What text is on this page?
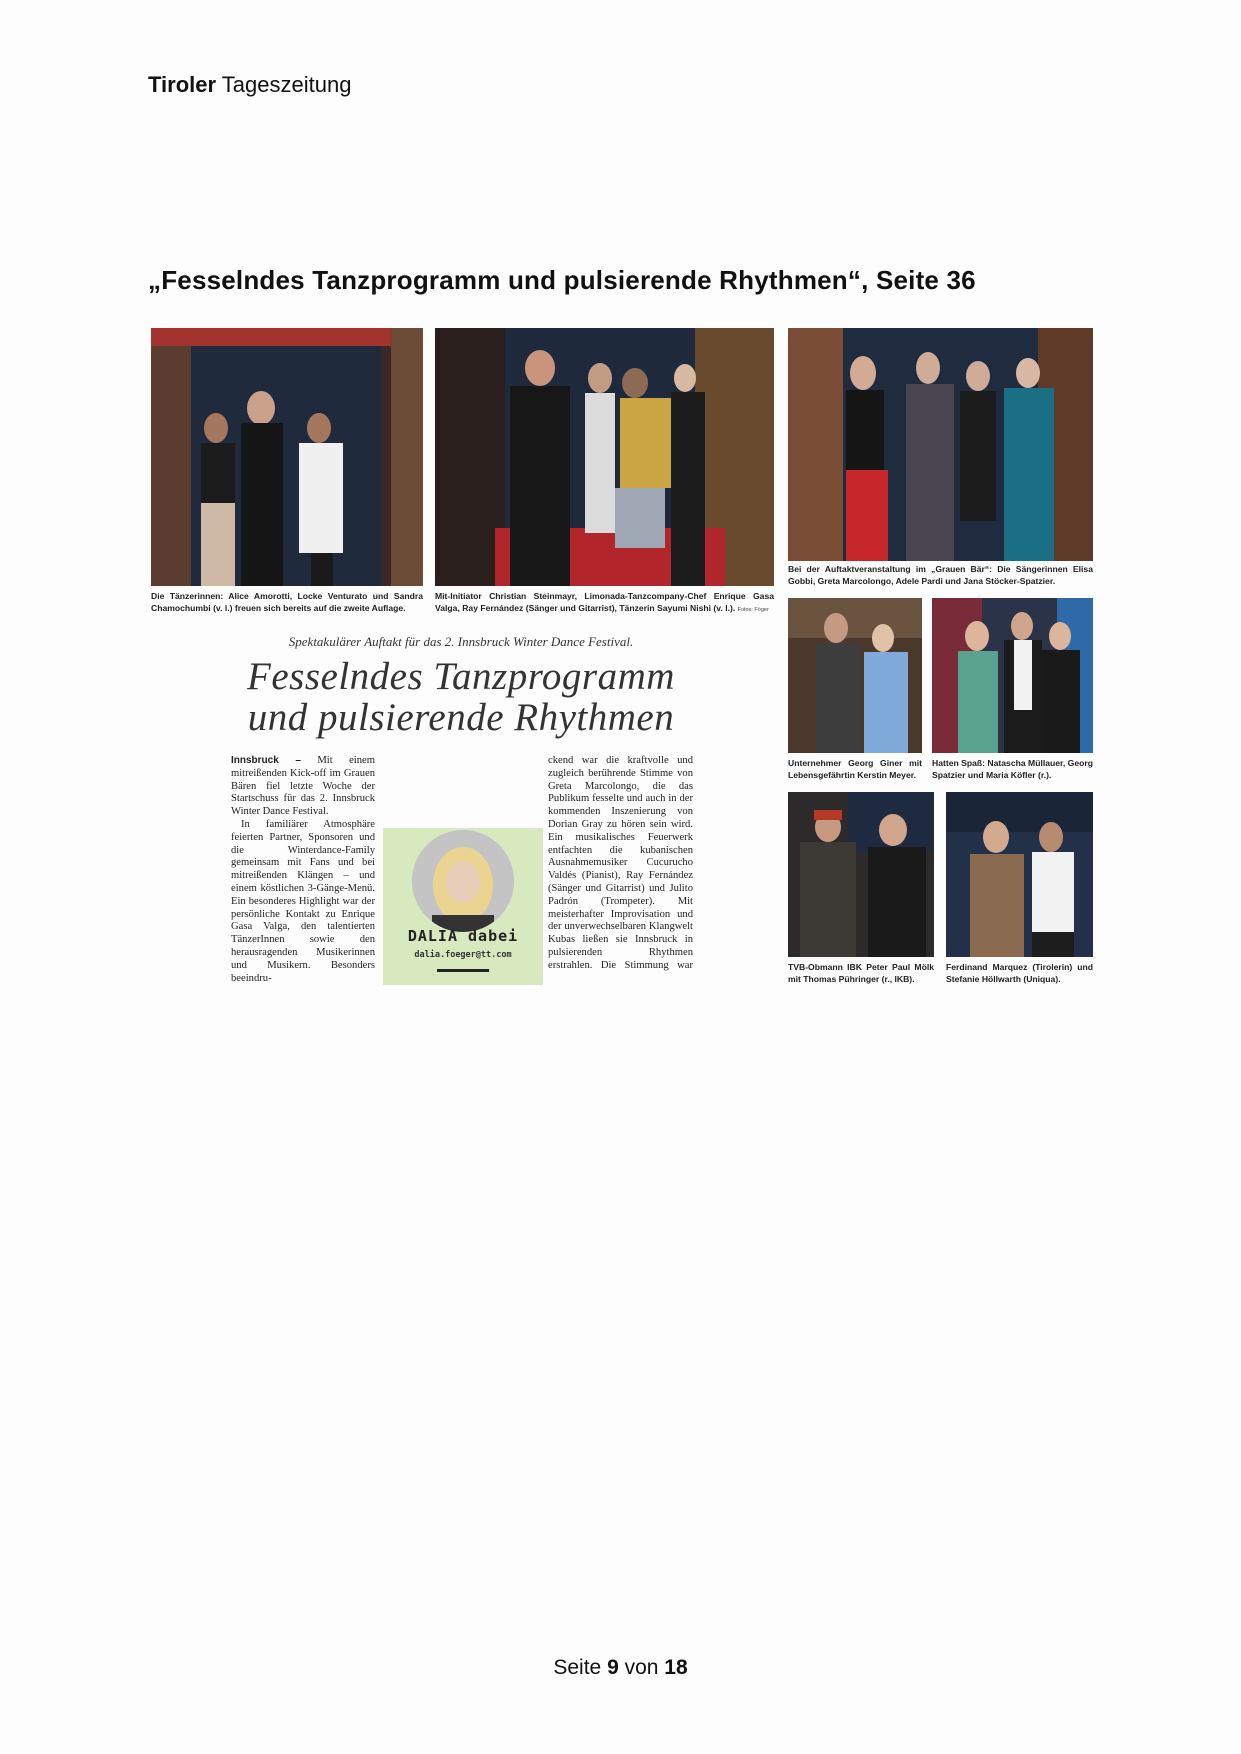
Tiroler Tageszeitung
„Fesselndes Tanzprogramm und pulsierende Rhythmen“, Seite 36
Die Tänzerinnen: Alice Amorotti, Locke Venturato und Sandra Chamochumbi (v. l.) freuen sich bereits auf die zweite Auflage.
Mit-Initiator Christian Steinmayr, Limonada-Tanzcompany-Chef Enrique Gasa Valga, Ray Fernández (Sänger und Gitarrist), Tänzerin Sayumi Nishi (v. l.). Fotos: Föger
Bei der Auftaktveranstaltung im „Grauen Bär“: Die Sängerinnen Elisa Gobbi, Greta Marcolongo, Adele Pardi und Jana Stöcker-Spatzier.
Unternehmer Georg Giner mit Lebensgefährtin Kerstin Meyer.
Hatten Spaß: Natascha Müllauer, Georg Spatzier und Maria Köfler (r.).
TVB-Obmann IBK Peter Paul Mölk mit Thomas Pühringer (r., IKB).
Ferdinand Marquez (Tirolerin) und Stefanie Höllwarth (Uniqua).
Spektakulärer Auftakt für das 2. Innsbruck Winter Dance Festival.
Fesselndes Tanzprogramm
und pulsierende Rhythmen

Innsbruck – Mit einem mitreißenden Kick-off im Grauen Bären fiel letzte Woche der Startschuss für das 2. Innsbruck Winter Dance Festival.

In familiärer Atmosphäre feierten Partner, Sponsoren und die Winterdance-Family gemeinsam mit Fans und bei mitreißenden Klängen – und einem köstlichen 3-Gänge-Menü. Ein besonderes Highlight war der persönliche Kontakt zu Enrique Gasa Valga, den talentierten TänzerInnen sowie den herausragenden Musikerinnen und Musikern. Besonders beeindru-

ckend war die kraftvolle und zugleich berührende Stimme von Greta Marcolongo, die das Publikum fesselte und auch in der kommenden Inszenierung von Dorian Gray zu hören sein wird. Ein musikalisches Feuerwerk entfachten die kubanischen Ausnahmemusiker Cucurucho Valdés (Pianist), Ray Fernández (Sänger und Gitarrist) und Julito Padrón (Trompeter). Mit meisterhafter Improvisation und der unverwechselbaren Klangwelt Kubas ließen sie Innsbruck in pulsierenden Rhythmen erstrahlen. Die Stimmung war

DALIA dabei
dalia.foeger@tt.com
Seite 9 von 18
